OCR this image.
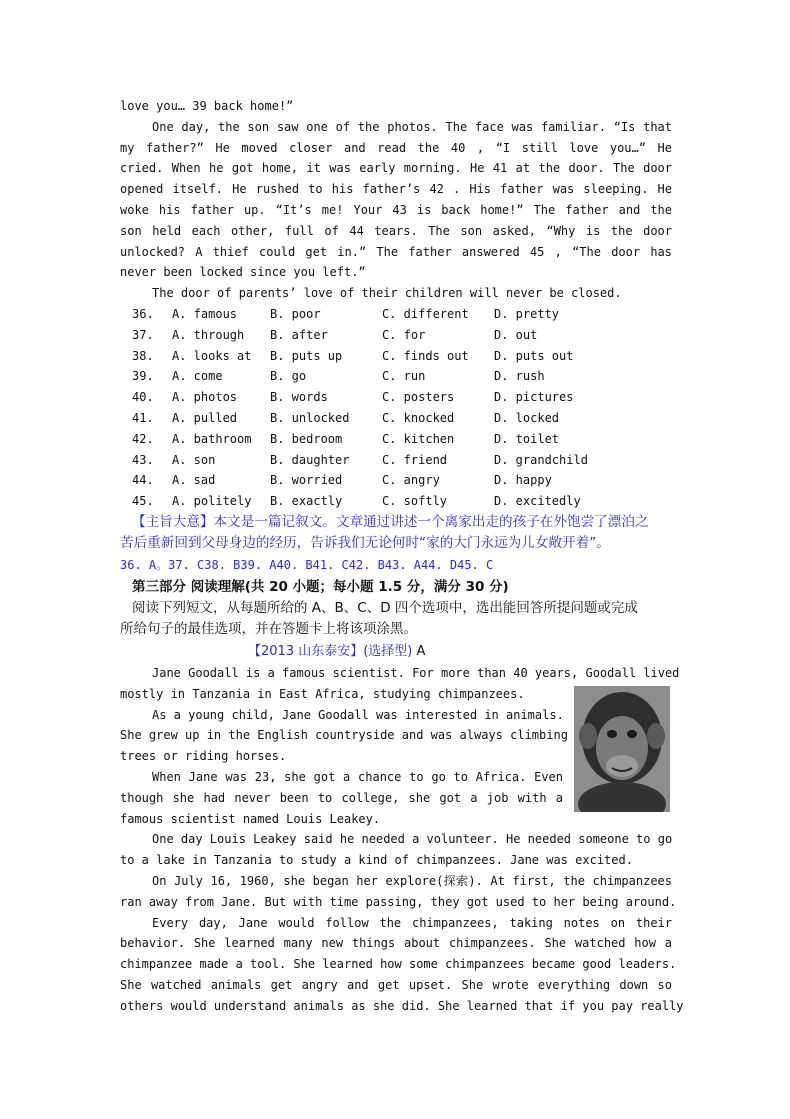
love you… 39 back home!”
One day, the son saw one of the photos. The face was familiar. “Is that
my father?” He moved closer and read the 40 , “I still love you…” He
cried. When he got home, it was early morning. He 41 at the door. The door
opened itself. He rushed to his father’s 42 . His father was sleeping. He
woke his father up. “It’s me! Your 43 is back home!” The father and the
son held each other, full of 44 tears. The son asked, “Why is the door
unlocked? A thief could get in.” The father answered 45 , “The door has
never been locked since you left.”
The door of parents’ love of their children will never be closed.
36. A. famous	B. poor	C. different D. pretty
37. A. through B. after	C. for	D. out
38. A. looks at B. puts up	C. finds out D. puts out
39. A. come	B. go	C. run	D. rush
40. A. photos	B. words	C. posters	D. pictures
41. A. pulled	B. unlocked	C. knocked	D. locked
42. A. bathroom B. bedroom	C. kitchen	D. toilet
43. A. son	B. daughter	C. friend	D. grandchild
44. A. sad	B. worried	C. angry	D. happy
45. A. politely B. exactly	C. softly	D. excitedly
【主旨大意】本文是一篇记叙文。文章通过讲述一个离家出走的孩子在外饱尝了漂泊之
苦后重新回到父母身边的经历，告诉我们无论何时“家的大门永远为儿女敞开着”。
36. A。37. C38. B39. A40. B41. C42. B43. A44. D45. C
第三部分 阅读理解(共 20 小题；每小题 1.5 分，满分 30 分)
阅读下列短文，从每题所给的 A、B、C、D 四个选项中，选出能回答所提问题或完成
所给句子的最佳选项，并在答题卡上将该项涂黑。
【2013 山东泰安】(选择型) A
Jane Goodall is a famous scientist. For more than 40 years, Goodall lived
mostly in Tanzania in East Africa, studying chimpanzees.
As a young child, Jane Goodall was interested in animals.
She grew up in the English countryside and was always climbing
trees or riding horses.
When Jane was 23, she got a chance to go to Africa. Even
though she had never been to college, she got a job with a
famous scientist named Louis Leakey.
One day Louis Leakey said he needed a volunteer. He needed someone to go
to a lake in Tanzania to study a kind of chimpanzees. Jane was excited.
On July 16, 1960, she began her explore(探索). At first, the chimpanzees
ran away from Jane. But with time passing, they got used to her being around.
Every day, Jane would follow the chimpanzees, taking notes on their
behavior. She learned many new things about chimpanzees. She watched how a
chimpanzee made a tool. She learned how some chimpanzees became good leaders.
She watched animals get angry and get upset. She wrote everything down so
others would understand animals as she did. She learned that if you pay really
